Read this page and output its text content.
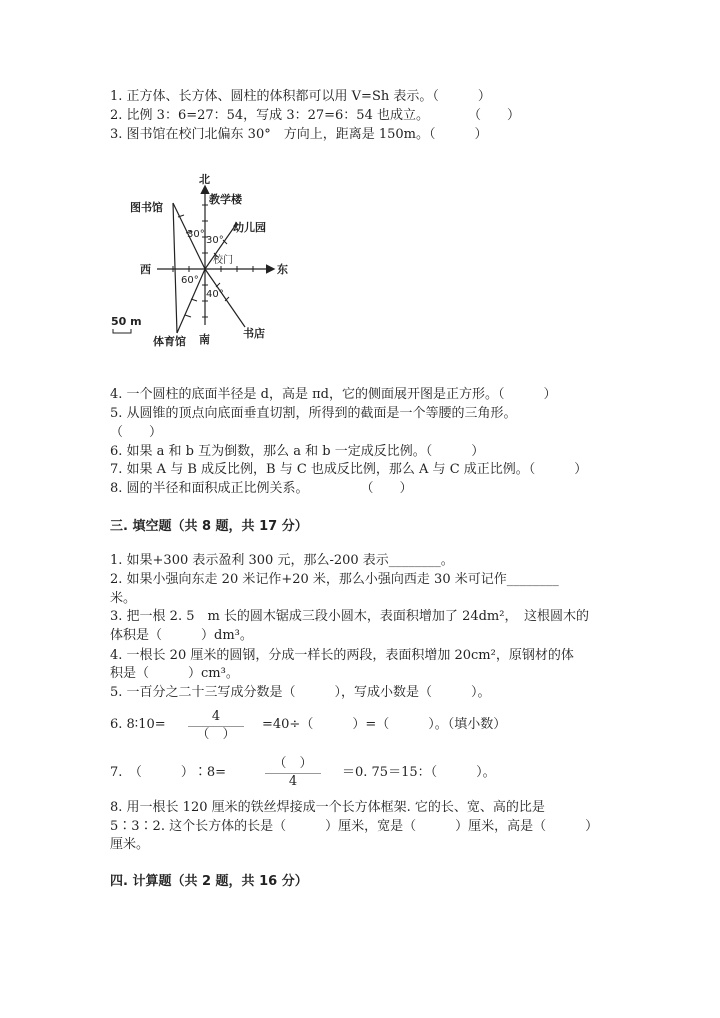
1. 正方体、长方体、圆柱的体积都可以用 V=Sh 表示。（　　　）
2. 比例 3：6=27：54，写成 3：27=6：54 也成立。　　　　（　　）
3. 图书馆在校门北偏东 30°　方向上，距离是 150m。（　　　）
北
南
东
西
校门
图书馆
教学楼
幼儿园
体育馆
书店
30°
30°
60°
40°
50 m
4. 一个圆柱的底面半径是 d，高是 πd，它的侧面展开图是正方形。（　　　）
5. 从圆锥的顶点向底面垂直切割，所得到的截面是一个等腰的三角形。
（　　）
6. 如果 a 和 b 互为倒数，那么 a 和 b 一定成反比例。（　　　）
7. 如果 A 与 B 成反比例，B 与 C 也成反比例，那么 A 与 C 成正比例。（　　　）
8. 圆的半径和面积成正比例关系。　　　　　（　　）
三. 填空题（共 8 题，共 17 分）
1. 如果+300 表示盈利 300 元，那么-200 表示________。
2. 如果小强向东走 20 米记作+20 米，那么小强向西走 30 米可记作________
米。
3. 把一根 2. 5　m 长的圆木锯成三段小圆木，表面积增加了 24dm²，　这根圆木的
体积是（　　　）dm³。
4. 一根长 20 厘米的圆钢，分成一样长的两段，表面积增加 20cm²，原钢材的体
积是（　　　）cm³。
5. 一百分之二十三写成分数是（　　　），写成小数是（　　　）。
6. 8∶10=
4
（　）
=40÷（　　　）=（　　　）。（填小数）
7.　（　　　）∶8=
（　）
4
＝0. 75＝15：（　　　）。
8. 用一根长 120 厘米的铁丝焊接成一个长方体框架. 它的长、宽、高的比是
5∶3∶2. 这个长方体的长是（　　　）厘米，宽是（　　　）厘米，高是（　　　）
厘米。
四. 计算题（共 2 题，共 16 分）
